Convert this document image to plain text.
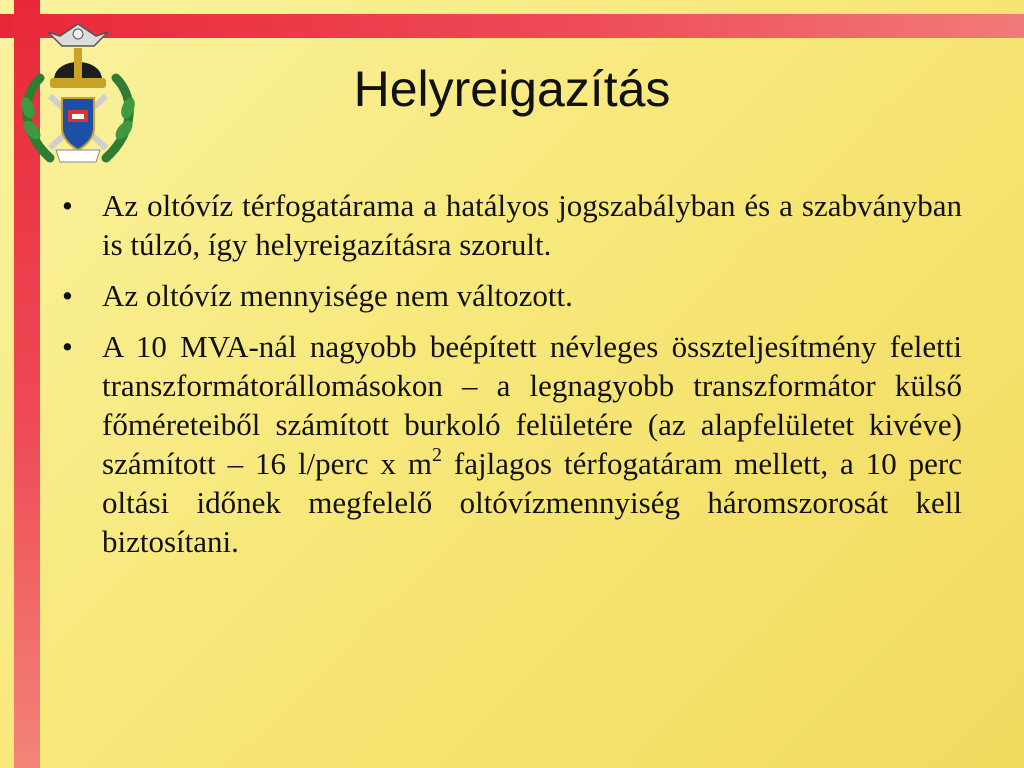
Helyreigazítás
• Az oltóvíz térfogatárama a hatályos jogszabályban és a szabványban is túlzó, így helyreigazításra szorult.
• Az oltóvíz mennyisége nem változott.
• A 10 MVA-nál nagyobb beépített névleges összteljesítmény feletti transzformátorállomásokon – a legnagyobb transzformátor külső főméreteiből számított burkoló felületére (az alapfelületet kivéve) számított – 16 l/perc x $m^2$ fajlagos térfogatáram mellett, a 10 perc oltási időnek megfelelő oltóvízmennyiség háromszorosát kell biztosítani.
